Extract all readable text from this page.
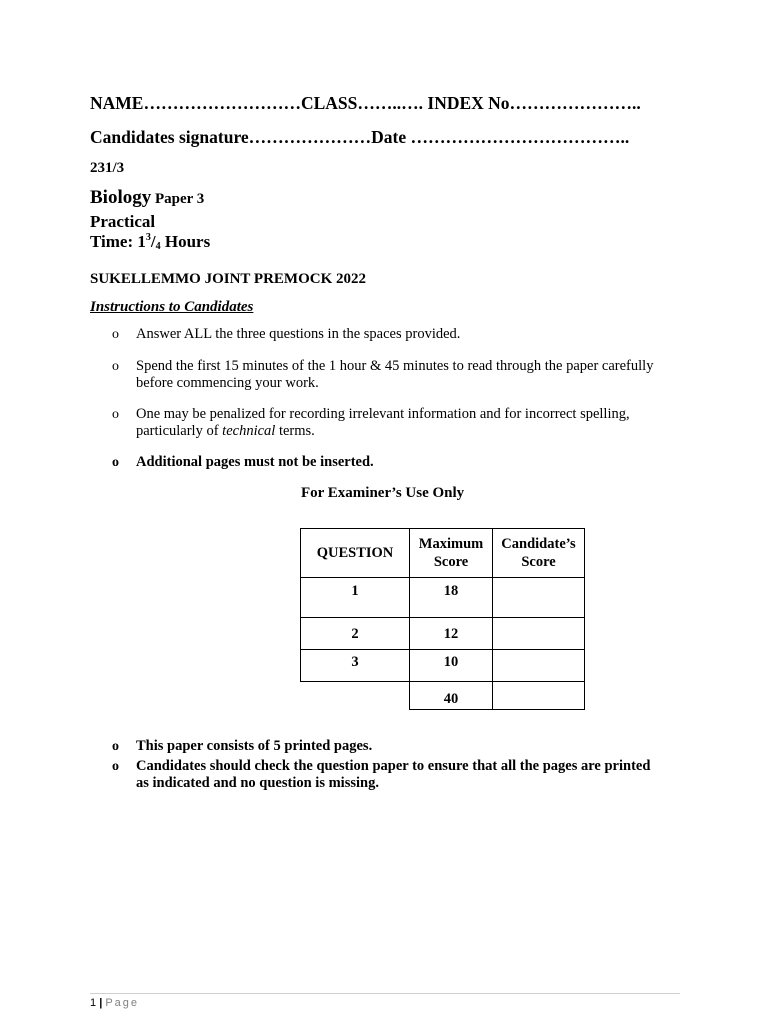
NAME………………………CLASS……..…. INDEX No…………………..
Candidates signature…………………Date ………………………………..
231/3
Biology Paper 3
Practical
Time: $1^3/_4$ Hours
SUKELLEMMO JOINT PREMOCK 2022
Instructions to Candidates
o Answer ALL the three questions in the spaces provided.
o Spend the first 15 minutes of the 1 hour & 45 minutes to read through the paper carefully before commencing your work.
o One may be penalized for recording irrelevant information and for incorrect spelling, particularly of technical terms.
o Additional pages must not be inserted.
For Examiner’s Use Only
QUESTION	Maximum Score	Candidate’s Score
1	18	
2	12	
3	10	
	40	
o This paper consists of 5 printed pages.
o Candidates should check the question paper to ensure that all the pages are printed as indicated and no question is missing.
1 | Page
